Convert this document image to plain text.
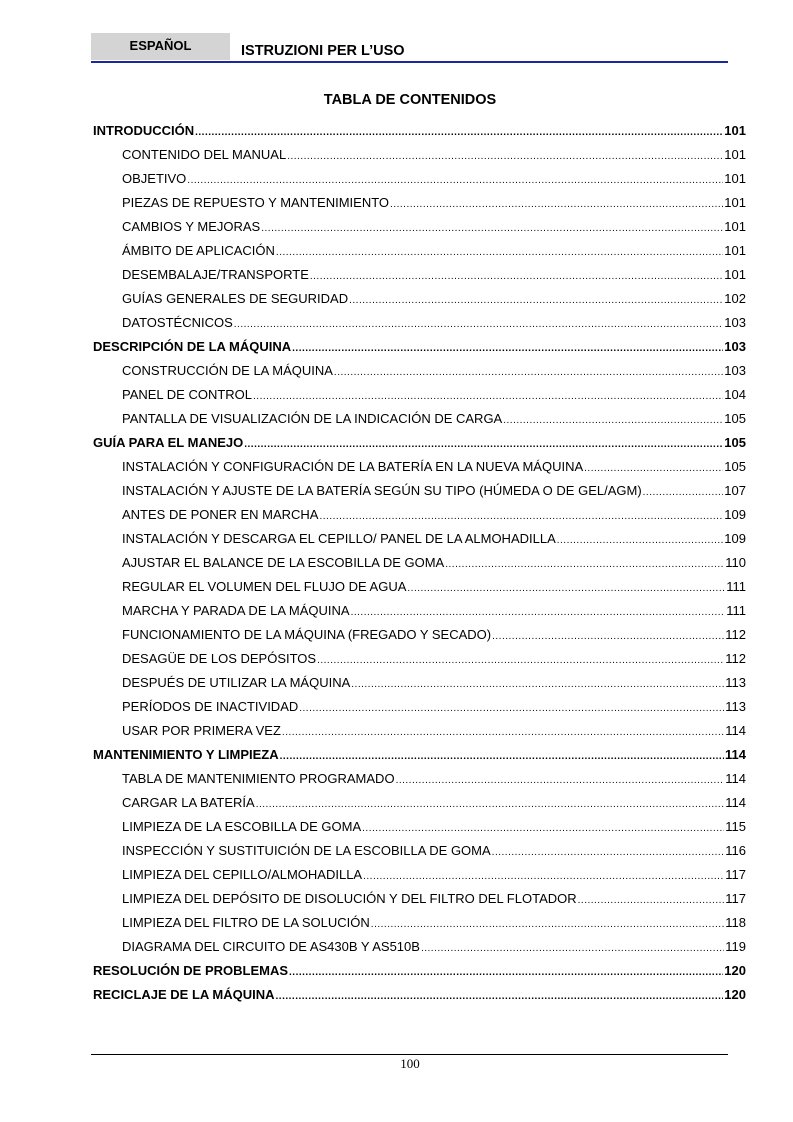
ESPAÑOL	ISTRUZIONI PER L’USO
TABLA DE CONTENIDOS
INTRODUCCIÓN .....	101
CONTENIDO DEL MANUAL .....	101
OBJETIVO .....	101
PIEZAS DE REPUESTO Y MANTENIMIENTO .....	101
CAMBIOS Y MEJORAS .....	101
ÁMBITO DE APLICACIÓN .....	101
DESEMBALAJE/TRANSPORTE .....	101
GUÍAS GENERALES DE SEGURIDAD .....	102
DATOSTÉCNICOS .....	103
DESCRIPCIÓN DE LA MÁQUINA .....	103
CONSTRUCCIÓN DE LA MÁQUINA .....	103
PANEL DE CONTROL .....	104
PANTALLA DE VISUALIZACIÓN DE LA INDICACIÓN DE CARGA .....	105
GUÍA PARA EL MANEJO .....	105
INSTALACIÓN Y CONFIGURACIÓN DE LA BATERÍA EN LA NUEVA MÁQUINA .....	105
INSTALACIÓN Y AJUSTE DE LA BATERÍA SEGÚN SU TIPO (HÚMEDA O DE GEL/AGM) .....	107
ANTES DE PONER EN MARCHA .....	109
INSTALACIÓN Y DESCARGA EL CEPILLO/ PANEL DE LA ALMOHADILLA .....	109
AJUSTAR EL BALANCE DE LA ESCOBILLA DE GOMA .....	110
REGULAR EL VOLUMEN DEL FLUJO DE AGUA .....	111
MARCHA Y PARADA DE LA MÁQUINA .....	111
FUNCIONAMIENTO DE LA MÁQUINA (FREGADO Y SECADO) .....	112
DESAGÜE DE LOS DEPÓSITOS .....	112
DESPUÉS DE UTILIZAR LA MÁQUINA .....	113
PERÍODOS DE INACTIVIDAD .....	113
USAR POR PRIMERA VEZ .....	114
MANTENIMIENTO Y LIMPIEZA .....	114
TABLA DE MANTENIMIENTO PROGRAMADO .....	114
CARGAR LA BATERÍA .....	114
LIMPIEZA DE LA ESCOBILLA DE GOMA .....	115
INSPECCIÓN Y SUSTITUICIÓN DE LA ESCOBILLA DE GOMA .....	116
LIMPIEZA DEL CEPILLO/ALMOHADILLA .....	117
LIMPIEZA DEL DEPÓSITO DE DISOLUCIÓN Y DEL FILTRO DEL FLOTADOR .....	117
LIMPIEZA DEL FILTRO DE LA SOLUCIÓN .....	118
DIAGRAMA DEL CIRCUITO DE AS430B Y AS510B .....	119
RESOLUCIÓN DE PROBLEMAS .....	120
RECICLAJE DE LA MÁQUINA .....	120
100
